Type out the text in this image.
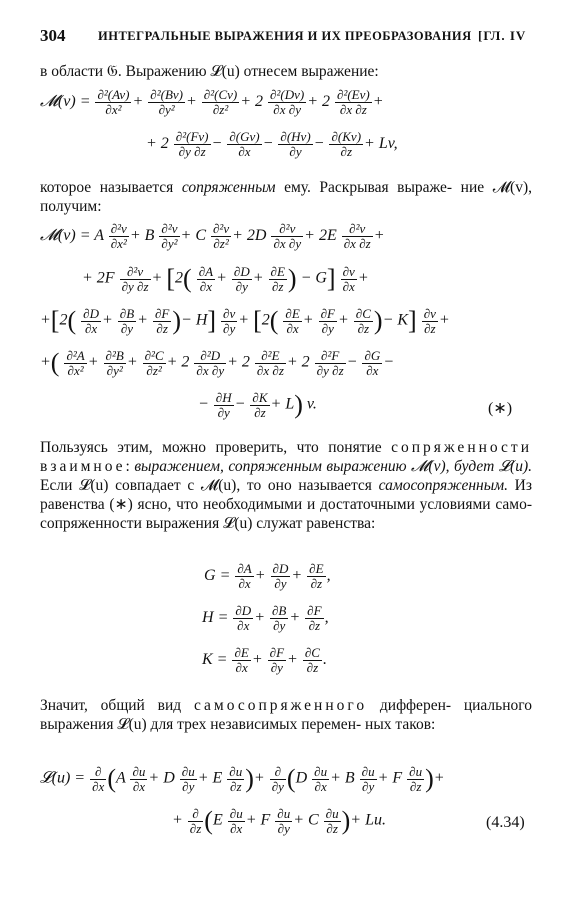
304	ИНТЕГРАЛЬНЫЕ ВЫРАЖЕНИЯ И ИХ ПРЕОБРАЗОВАНИЯ [ГЛ. IV
в области 𝔊. Выражению 𝓛(u) отнесем выражение:
𝓜(v) = $\frac{\text{∂²(Av)}}{\text{∂x²}} + \frac{\text{∂²(Bv)}}{\text{∂y²}} + \frac{\text{∂²(Cv)}}{\text{∂z²}} + 2 \frac{\text{∂²(Dv)}}{\partial x \partial y} + 2 \frac{\text{∂²(Ev)}}{\partial x \partial z}$ +
+ $2 \frac{\text{∂²(Fv)}}{\partial y \partial z} - \frac{\partial(Gv)}{\partial x} - \frac{\partial(Hv)}{\partial y} - \frac{\partial(Kv)}{\partial z} + Lv$,
которое называется сопряженным ему. Раскрывая выраже- ние 𝓜(v), получим:
𝓜(v) = A $\frac{\text{∂²v}}{\text{∂x²}} + B \frac{\text{∂²v}}{\text{∂y²}} + C \frac{\text{∂²v}}{\text{∂z²}} + 2D \frac{\text{∂²v}}{\partial x \partial y} + 2E \frac{\text{∂²v}}{\partial x \partial z}$ +
+ $2F \frac{\text{∂²v}}{\partial y \partial z} + [2( \frac{\partial A}{\partial x} + \frac{\partial D}{\partial y} + \frac{\partial E}{\partial z}$ ) − $G] \frac{\partial v}{\partial x}$ +
$+[2( \frac{\partial D}{\partial x} + \frac{\partial B}{\partial y} + \frac{\partial F}{\partial z}$ )− $H] \frac{\partial v}{\partial y} + [2( \frac{\partial E}{\partial x} + \frac{\partial F}{\partial y} + \frac{\partial C}{\partial z}$ )− $K] \frac{\partial v}{\partial z}$ +
+( $\frac{\text{∂²A}}{\text{∂x²}} + \frac{\text{∂²B}}{\text{∂y²}} + \frac{\text{∂²C}}{\text{∂z²}} + 2 \frac{\text{∂²D}}{\partial x \partial y} + 2 \frac{\text{∂²E}}{\partial x \partial z} + 2 \frac{\text{∂²F}}{\partial y \partial z} - \frac{\partial G}{\partial x}$ −
− $\frac{\partial H}{\partial y} - \frac{\partial K}{\partial z} + L$) v.	(∗)
Пользуясь этим, можно проверить, что понятие сопряженности взаимное: выражением, сопряженным выражению 𝓜(v), будет 𝓛(u). Если 𝓛(u) совпадает с 𝓜(u), то оно называется самосопряженным. Из равенства (∗) ясно, что необходимыми и достаточными условиями само- сопряженности выражения 𝓛(u) служат равенства:
$G = \frac{\partial A}{\partial x} + \frac{\partial D}{\partial y} + \frac{\partial E}{\partial z}$ ,
$H = \frac{\partial D}{\partial x} + \frac{\partial B}{\partial y} + \frac{\partial F}{\partial z}$ ,
$K = \frac{\partial E}{\partial x} + \frac{\partial F}{\partial y} + \frac{\partial C}{\partial z}$ .
Значит, общий вид самосопряженного дифферен- циального выражения 𝓛(u) для трех независимых перемен- ных таков:
𝓛(u) = ∂
∂x ($A \frac{\partial u}{\partial x} + D \frac{\partial u}{\partial y} + E \frac{\partial u}{\partial z}$ )+ ∂
∂y ($D \frac{\partial u}{\partial x} + B \frac{\partial u}{\partial y} + F \frac{\partial u}{\partial z}$ )+
+ ∂
∂z ($E \frac{\partial u}{\partial x} + F \frac{\partial u}{\partial y} + C \frac{\partial u}{\partial z}$ )+ Lu.	(4.34)
